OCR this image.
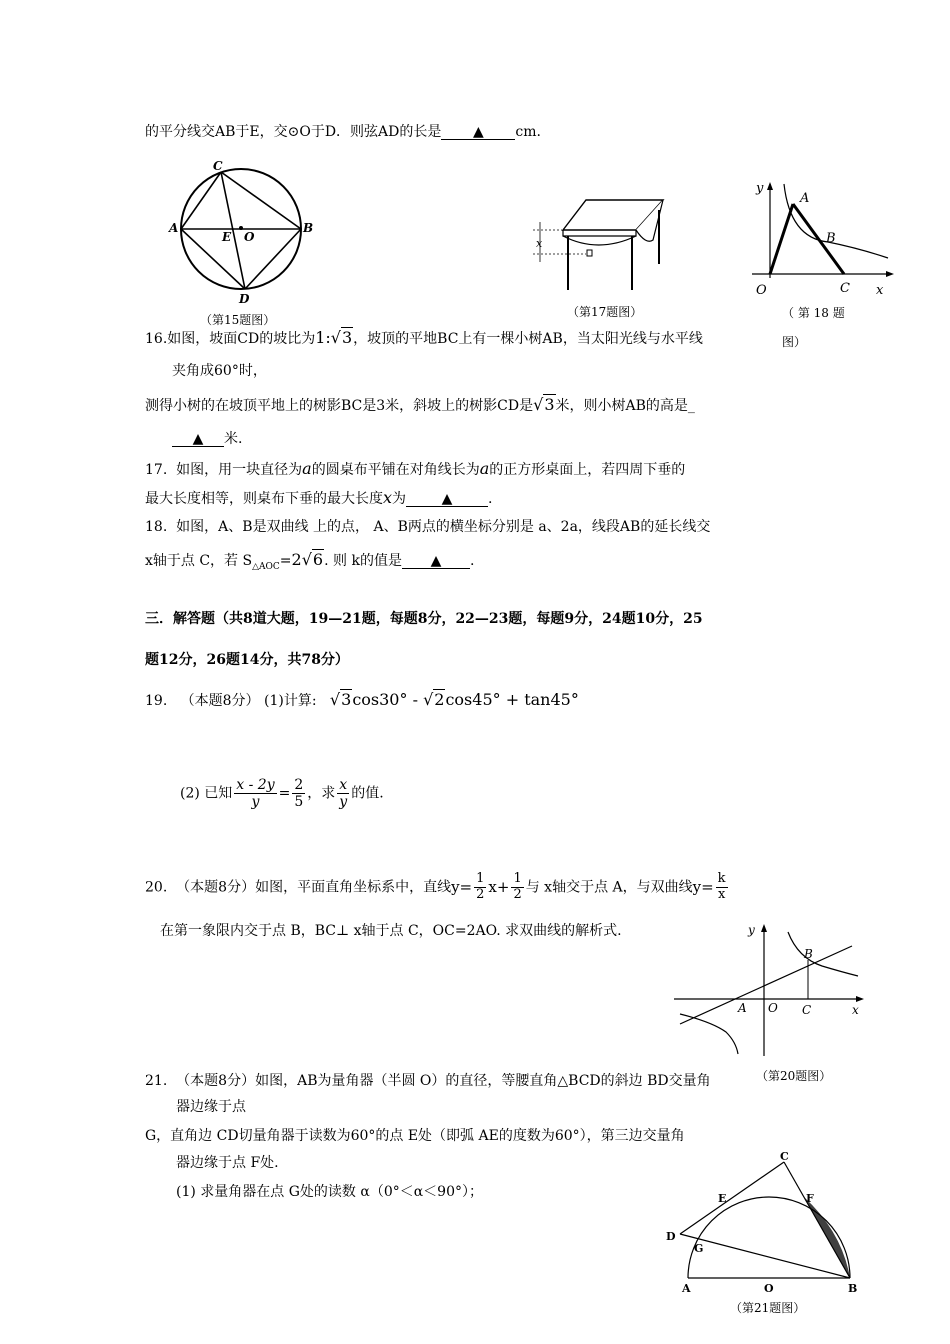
的平分线交AB于E，交⊙O于D．则弦AD的长是 ▲ cm.
C
A
E O
B
D
（第15题图）
x
（第17题图）
y
A
B
O	C x
（ 第 18 题
图）
16.如图，坡面CD的坡比为1:√3，坡顶的平地BC上有一棵小树AB，当太阳光线与水平线
夹角成60°时，
测得小树的在坡顶平地上的树影BC是3米，斜坡上的树影CD是√3米，则小树AB的高是_
▲ 米.
17. 如图，用一块直径为a的圆桌布平铺在对角线长为a的正方形桌面上，若四周下垂的
最大长度相等，则桌布下垂的最大长度x为	▲	.
18. 如图，A、B是双曲线 上的点， A、B两点的横坐标分别是 a、2a，线段AB的延长线交
x轴于点 C，若 $S_{\triangle AOC}=2√6$. 则 k的值是 ▲ .
三．解答题（共8道大题，19—21题，每题8分，22—23题，每题9分，24题10分，25
题12分，26题14分，共78分）
19. （本题8分） (1)计算: √3cos30° - √2cos45° + tan45°
(2) 已知 $\frac{x - 2y}{y} = \frac{2}{5}$ ，求 $\frac{x}{y}$ 的值.
20. （本题8分）如图，平面直角坐标系中，直线$y= \frac{1}{2} x+ \frac{1}{2}$ 与 x轴交于点 A，与双曲线$y= \frac{k}{x}$
在第一象限内交于点 B，BC⊥ x轴于点 C，OC=2AO. 求双曲线的解析式.	y
B
A O C	x
（第20题图）
21. （本题8分）如图，AB为量角器（半圆 O）的直径，等腰直角△BCD的斜边 BD交量角
器边缘于点
G，直角边 CD切量角器于读数为60°的点 E处（即弧 AE的度数为60°），第三边交量角
器边缘于点 F处.
(1) 求量角器在点 G处的读数 α（0°＜α＜90°）；
C
E	F
D
G
A	O	B
（第21题图）
